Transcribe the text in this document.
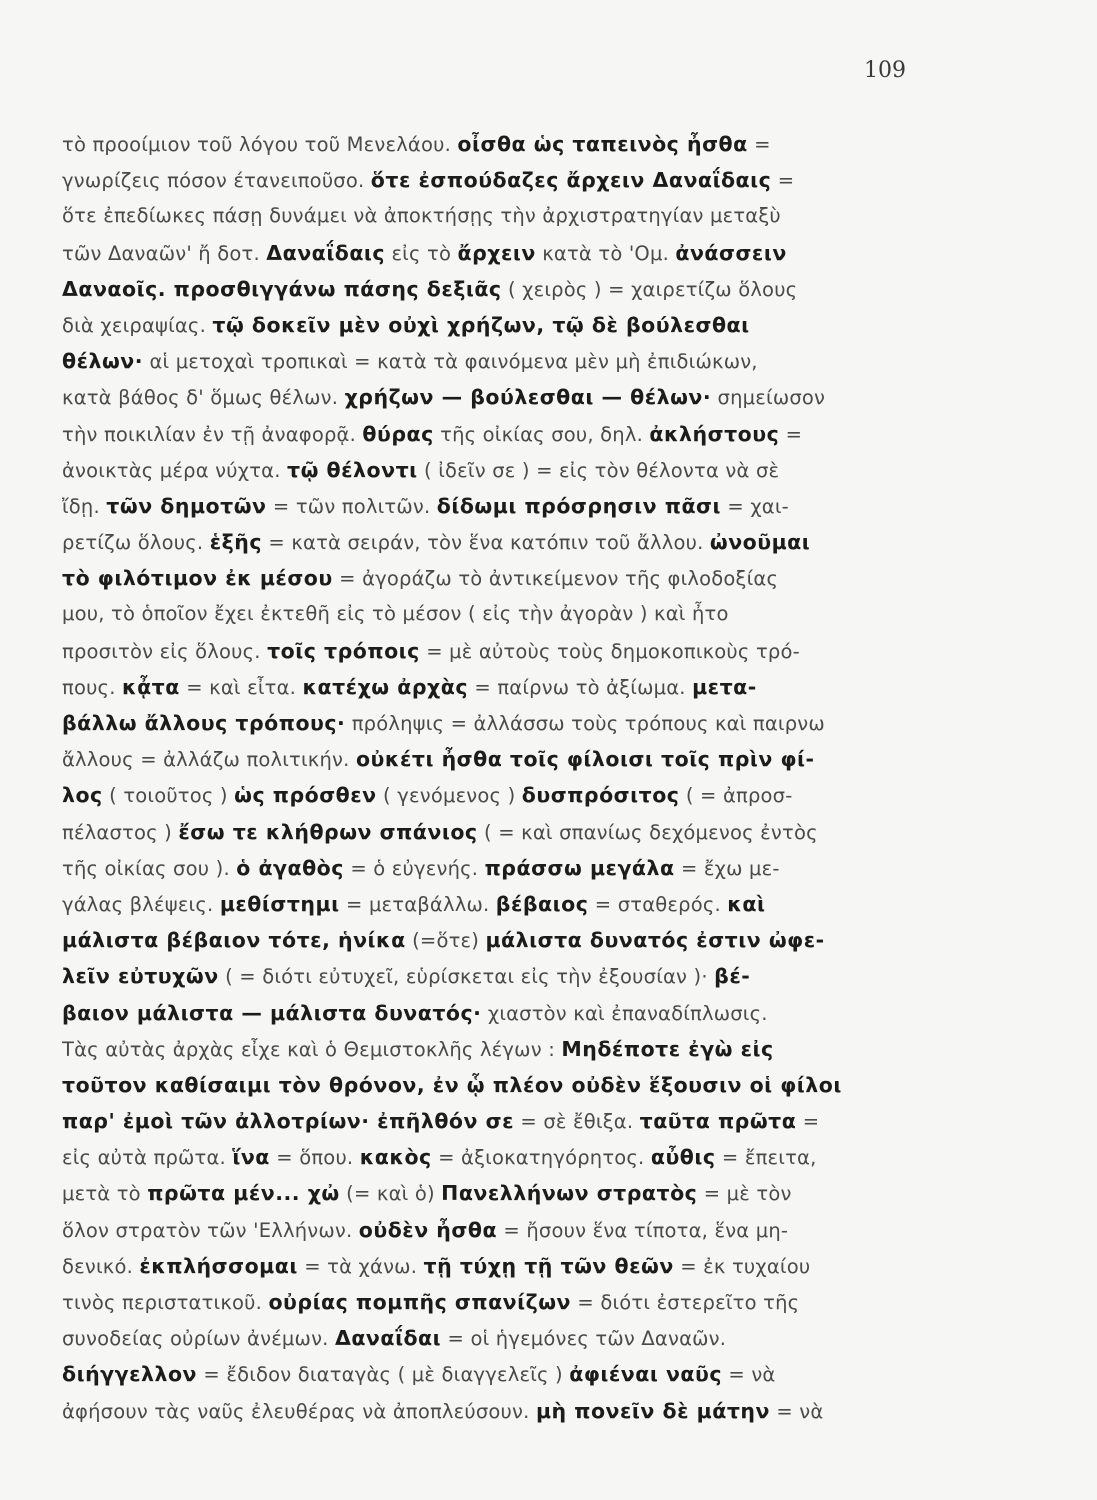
109
τὸ προοίμιον τοῦ λόγου τοῦ Μενελάου. οἶσθα ὡς ταπεινὸς ἦσθα =
γνωρίζεις πόσον έτανειποῦσο. ὅτε ἐσπούδαζες ἄρχειν Δαναΐδαις =
ὅτε ἐπεδίωκες πάσῃ δυνάμει νὰ ἀποκτήσῃς τὴν ἀρχιστρατηγίαν μεταξὺ
τῶν Δαναῶν' ἤ δοτ. Δαναΐδαις εἰς τὸ ἄρχειν κατὰ τὸ 'Ομ. ἀνάσσειν
Δαναοῖς. προσθιγγάνω πάσης δεξιᾶς ( χειρὸς ) = χαιρετίζω ὅλους
διὰ χειραψίας. τῷ δοκεῖν μὲν οὐχὶ χρήζων, τῷ δὲ βούλεσθαι
θέλων· αἱ μετοχαὶ τροπικαὶ = κατὰ τὰ φαινόμενα μὲν μὴ ἐπιδιώκων,
κατὰ βάθος δ' ὅμως θέλων. χρήζων — βούλεσθαι — θέλων· σημείωσον
τὴν ποικιλίαν ἐν τῇ ἀναφορᾷ. θύρας τῆς οἰκίας σου, δηλ. ἀκλήστους =
ἀνοικτὰς μέρα νύχτα. τῷ θέλοντι ( ἰδεῖν σε ) = εἰς τὸν θέλοντα νὰ σὲ
ἴδῃ. τῶν δημοτῶν = τῶν πολιτῶν. δίδωμι πρόσρησιν πᾶσι = χαι-
ρετίζω ὅλους. ἑξῆς = κατὰ σειράν, τὸν ἕνα κατόπιν τοῦ ἄλλου. ὠνοῦμαι
τὸ φιλότιμον ἐκ μέσου = ἀγοράζω τὸ ἀντικείμενον τῆς φιλοδοξίας
μου, τὸ ὁποῖον ἔχει ἐκτεθῆ εἰς τὸ μέσον ( εἰς τὴν ἀγορὰν ) καὶ ἦτο
προσιτὸν εἰς ὅλους. τοῖς τρόποις = μὲ αὐτοὺς τοὺς δημοκοπικοὺς τρό-
πους. κᾆτα = καὶ εἶτα. κατέχω ἀρχὰς = παίρνω τὸ ἀξίωμα. μετα-
βάλλω ἄλλους τρόπους· πρόληψις = ἀλλάσσω τοὺς τρόπους καὶ παιρνω
ἄλλους = ἀλλάζω πολιτικήν. οὐκέτι ἦσθα τοῖς φίλοισι τοῖς πρὶν φί-
λος ( τοιοῦτος ) ὡς πρόσθεν ( γενόμενος ) δυσπρόσιτος ( = ἀπροσ-
πέλαστος ) ἔσω τε κλήθρων σπάνιος ( = καὶ σπανίως δεχόμενος ἐντὸς
τῆς οἰκίας σου ). ὁ ἀγαθὸς = ὁ εὐγενής. πράσσω μεγάλα = ἔχω με-
γάλας βλέψεις. μεθίστημι = μεταβάλλω. βέβαιος = σταθερός. καὶ
μάλιστα βέβαιον τότε, ἡνίκα (=ὅτε) μάλιστα δυνατός ἐστιν ὠφε-
λεῖν εὐτυχῶν ( = διότι εὐτυχεῖ, εὑρίσκεται εἰς τὴν ἐξουσίαν )· βέ-
βαιον μάλιστα — μάλιστα δυνατός· χιαστὸν καὶ ἐπαναδίπλωσις.
Τὰς αὐτὰς ἀρχὰς εἶχε καὶ ὁ Θεμιστοκλῆς λέγων : Μηδέποτε ἐγὼ εἰς
τοῦτον καθίσαιμι τὸν θρόνον, ἐν ᾧ πλέον οὐδὲν ἕξουσιν οἱ φίλοι
παρ' ἐμοὶ τῶν ἀλλοτρίων· ἐπῆλθόν σε = σὲ ἔθιξα. ταῦτα πρῶτα =
εἰς αὐτὰ πρῶτα. ἵνα = ὅπου. κακὸς = ἀξιοκατηγόρητος. αὖθις = ἔπειτα,
μετὰ τὸ πρῶτα μέν... χὠ (= καὶ ὁ) Πανελλήνων στρατὸς = μὲ τὸν
ὅλον στρατὸν τῶν 'Ελλήνων. οὐδὲν ἦσθα = ἤσουν ἕνα τίποτα, ἕνα μη-
δενικό. ἐκπλήσσομαι = τὰ χάνω. τῇ τύχῃ τῇ τῶν θεῶν = ἐκ τυχαίου
τινὸς περιστατικοῦ. οὐρίας πομπῆς σπανίζων = διότι ἐστερεῖτο τῆς
συνοδείας οὐρίων ἀνέμων. Δαναΐδαι = οἱ ἡγεμόνες τῶν Δαναῶν.
διήγγελλον = ἔδιδον διαταγὰς ( μὲ διαγγελεῖς ) ἀφιέναι ναῦς = νὰ
ἀφήσουν τὰς ναῦς ἐλευθέρας νὰ ἀποπλεύσουν. μὴ πονεῖν δὲ μάτην = νὰ
